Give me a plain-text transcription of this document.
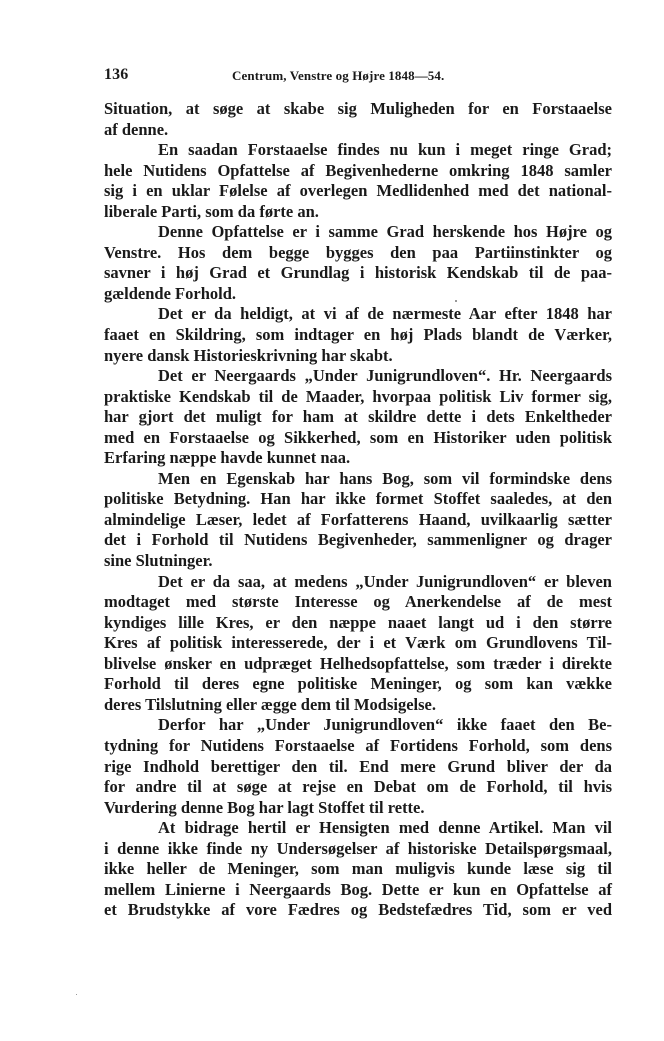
136	Centrum, Venstre og Højre 1848—54.
Situation, at søge at skabe sig Muligheden for en Forstaaelse
af denne.
En saadan Forstaaelse findes nu kun i meget ringe Grad;
hele Nutidens Opfattelse af Begivenhederne omkring 1848 samler
sig i en uklar Følelse af overlegen Medlidenhed med det national-
liberale Parti, som da førte an.
Denne Opfattelse er i samme Grad herskende hos Højre og
Venstre. Hos dem begge bygges den paa Partiinstinkter og
savner i høj Grad et Grundlag i historisk Kendskab til de paa-
gældende Forhold.
Det er da heldigt, at vi af de nærmeste Aar efter 1848 har
faaet en Skildring, som indtager en høj Plads blandt de Værker,
nyere dansk Historieskrivning har skabt.
Det er Neergaards „Under Junigrundloven“. Hr. Neergaards
praktiske Kendskab til de Maader, hvorpaa politisk Liv former sig,
har gjort det muligt for ham at skildre dette i dets Enkeltheder
med en Forstaaelse og Sikkerhed, som en Historiker uden politisk
Erfaring næppe havde kunnet naa.
Men en Egenskab har hans Bog, som vil formindske dens
politiske Betydning. Han har ikke formet Stoffet saaledes, at den
almindelige Læser, ledet af Forfatterens Haand, uvilkaarlig sætter
det i Forhold til Nutidens Begivenheder, sammenligner og drager
sine Slutninger.
Det er da saa, at medens „Under Junigrundloven“ er bleven
modtaget med største Interesse og Anerkendelse af de mest
kyndiges lille Kres, er den næppe naaet langt ud i den større
Kres af politisk interesserede, der i et Værk om Grundlovens Til-
blivelse ønsker en udpræget Helhedsopfattelse, som træder i direkte
Forhold til deres egne politiske Meninger, og som kan vække
deres Tilslutning eller ægge dem til Modsigelse.
Derfor har „Under Junigrundloven“ ikke faaet den Be-
tydning for Nutidens Forstaaelse af Fortidens Forhold, som dens
rige Indhold berettiger den til. End mere Grund bliver der da
for andre til at søge at rejse en Debat om de Forhold, til hvis
Vurdering denne Bog har lagt Stoffet til rette.
At bidrage hertil er Hensigten med denne Artikel. Man vil
i denne ikke finde ny Undersøgelser af historiske Detailspørgsmaal,
ikke heller de Meninger, som man muligvis kunde læse sig til
mellem Linierne i Neergaards Bog. Dette er kun en Opfattelse af
et Brudstykke af vore Fædres og Bedstefædres Tid, som er ved
